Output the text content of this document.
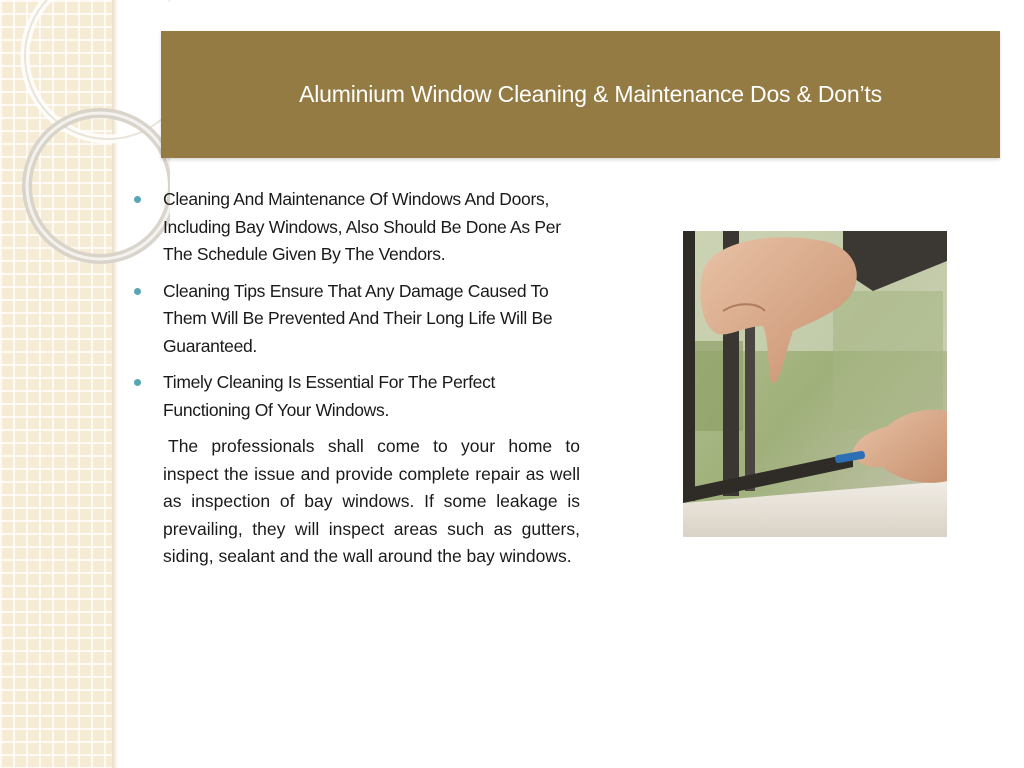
Aluminium Window Cleaning & Maintenance Dos & Don’ts
Cleaning And Maintenance Of Windows And Doors, Including Bay Windows, Also Should Be Done As Per The Schedule Given By The Vendors.
Cleaning Tips Ensure That Any Damage Caused To Them Will Be Prevented And Their Long Life Will Be Guaranteed.
Timely Cleaning Is Essential For The Perfect Functioning Of Your Windows.

The professionals shall come to your home to inspect the issue and provide complete repair as well as inspection of bay windows. If some leakage is prevailing, they will inspect areas such as gutters, siding, sealant and the wall around the bay windows.
